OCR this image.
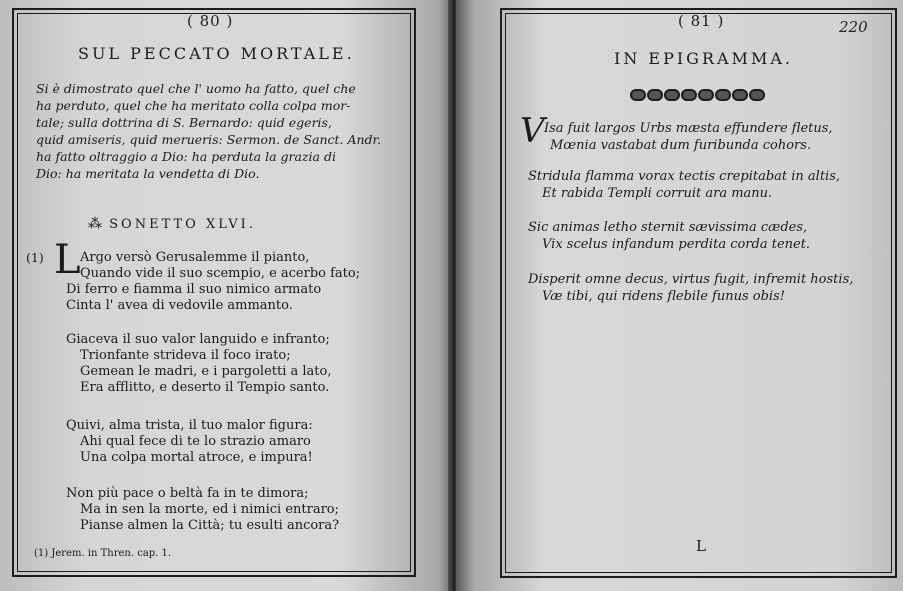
( 80 )
SUL PECCATO MORTALE.
Si è dimostrato quel che l' uomo ha fatto, quel che
ha perduto, quel che ha meritato colla colpa mor-
tale; sulla dottrina di S. Bernardo: quid egeris,
quid amiseris, quid merueris: Sermon. de Sanct. Andr.
ha fatto oltraggio a Dio: ha perduta la grazia di
Dio: ha meritata la vendetta di Dio.
⁂ SONETTO XLVI.
(1) L Argo versò Gerusalemme il pianto,
Quando vide il suo scempio, e acerbo fato;
Di ferro e fiamma il suo nimico armato
Cinta l' avea di vedovile ammanto.
Giaceva il suo valor languido e infranto;
Trionfante strideva il foco irato;
Gemean le madri, e i pargoletti a lato,
Era afflitto, e deserto il Tempio santo.
Quivi, alma trista, il tuo malor figura:
Ahi qual fece di te lo strazio amaro
Una colpa mortal atroce, e impura!
Non più pace o beltà fa in te dimora;
Ma in sen la morte, ed i nimici entraro;
Pianse almen la Città; tu esulti ancora?
(1) Jerem. in Thren. cap. 1.
( 81 )	220
IN EPIGRAMMA.
V Isa fuit largos Urbs mæsta effundere fletus,
Mœnia vastabat dum furibunda cohors.
Stridula flamma vorax tectis crepitabat in altis,
Et rabida Templi corruit ara manu.
Sic animas letho sternit sævissima cædes,
Vix scelus infandum perdita corda tenet.
Disperit omne decus, virtus fugit, infremit hostis,
Væ tibi, qui ridens flebile funus obis!
L
